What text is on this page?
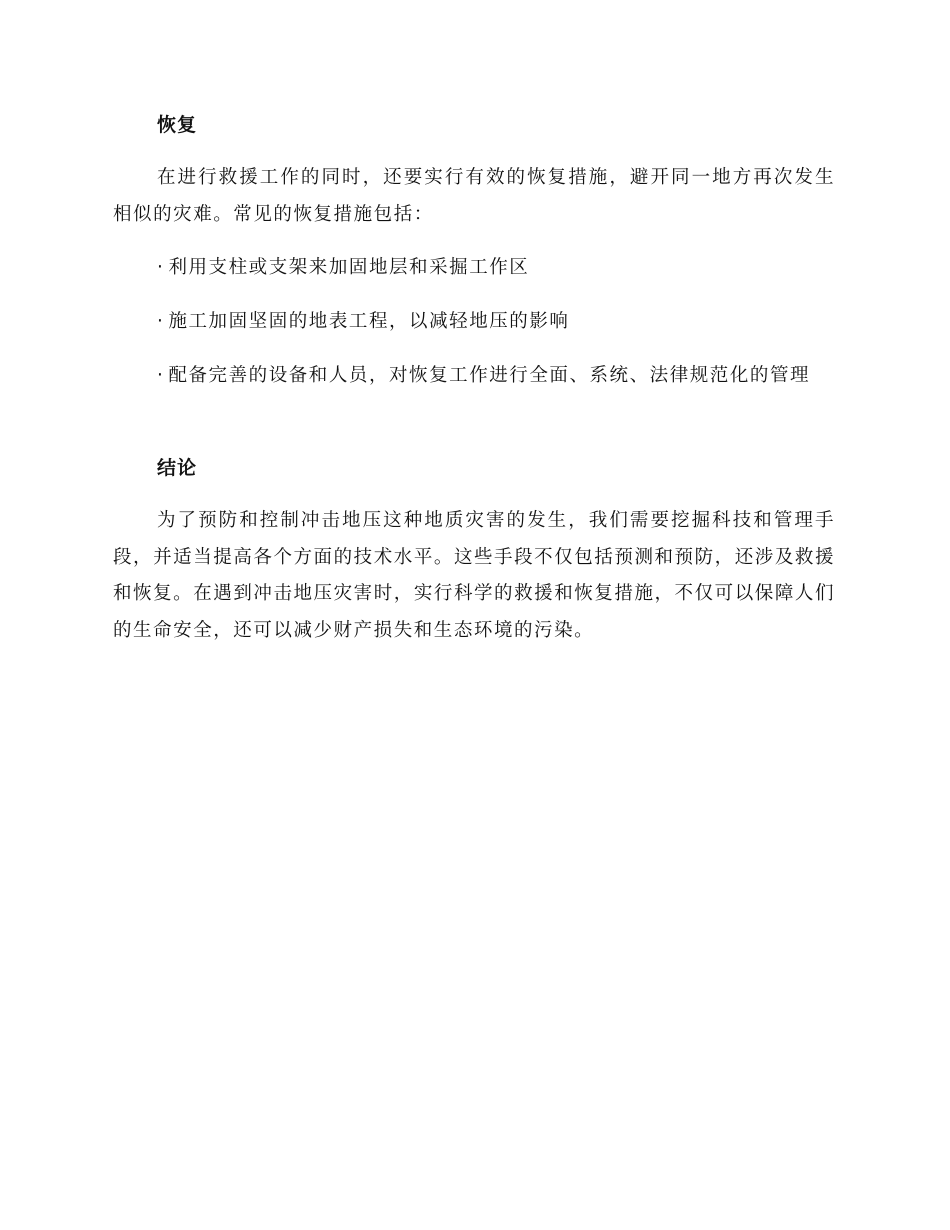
恢复

在进行救援工作的同时，还要实行有效的恢复措施，避开同一地方再次发生相似的灾难。常见的恢复措施包括：

· 利用支柱或支架来加固地层和采掘工作区

· 施工加固坚固的地表工程，以减轻地压的影响

· 配备完善的设备和人员，对恢复工作进行全面、系统、法律规范化的管理

结论

为了预防和控制冲击地压这种地质灾害的发生，我们需要挖掘科技和管理手段，并适当提高各个方面的技术水平。这些手段不仅包括预测和预防，还涉及救援和恢复。在遇到冲击地压灾害时，实行科学的救援和恢复措施，不仅可以保障人们的生命安全，还可以减少财产损失和生态环境的污染。
